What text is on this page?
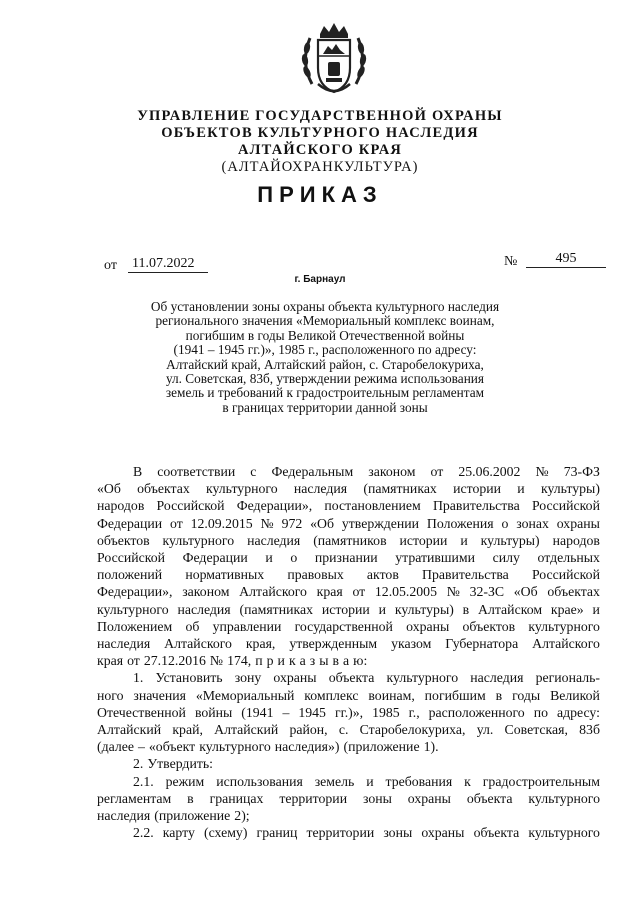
УПРАВЛЕНИЕ ГОСУДАРСТВЕННОЙ ОХРАНЫ
ОБЪЕКТОВ КУЛЬТУРНОГО НАСЛЕДИЯ
АЛТАЙСКОГО КРАЯ
(АЛТАЙОХРАНКУЛЬТУРА)
ПРИКАЗ
от 11.07.2022	№	495
г. Барнаул
Об установлении зоны охраны объекта культурного наследия
регионального значения «Мемориальный комплекс воинам,
погибшим в годы Великой Отечественной войны
(1941 – 1945 гг.)», 1985 г., расположенного по адресу:
Алтайский край, Алтайский район, с. Старобелокуриха,
ул. Советская, 83б, утверждении режима использования
земель и требований к градостроительным регламентам
в границах территории данной зоны
В соответствии с Федеральным законом от 25.06.2002 № 73-ФЗ
«Об объектах культурного наследия (памятниках истории и культуры)
народов Российской Федерации», постановлением Правительства Российской
Федерации от 12.09.2015 № 972 «Об утверждении Положения о зонах охраны
объектов культурного наследия (памятников истории и культуры) народов
Российской Федерации и о признании утратившими силу отдельных
положений нормативных правовых актов Правительства Российской
Федерации», законом Алтайского края от 12.05.2005 № 32-ЗС «Об объектах
культурного наследия (памятниках истории и культуры) в Алтайском крае» и
Положением об управлении государственной охраны объектов культурного
наследия Алтайского края, утвержденным указом Губернатора Алтайского
края от 27.12.2016 № 174, п р и к а з ы в а ю:
1. Установить зону охраны объекта культурного наследия региональ-
ного значения «Мемориальный комплекс воинам, погибшим в годы Великой
Отечественной войны (1941 – 1945 гг.)», 1985 г., расположенного по адресу:
Алтайский край, Алтайский район, с. Старобелокуриха, ул. Советская, 83б
(далее – «объект культурного наследия») (приложение 1).
2. Утвердить:
2.1. режим использования земель и требования к градостроительным
регламентам в границах территории зоны охраны объекта культурного
наследия (приложение 2);
2.2. карту (схему) границ территории зоны охраны объекта культурного
